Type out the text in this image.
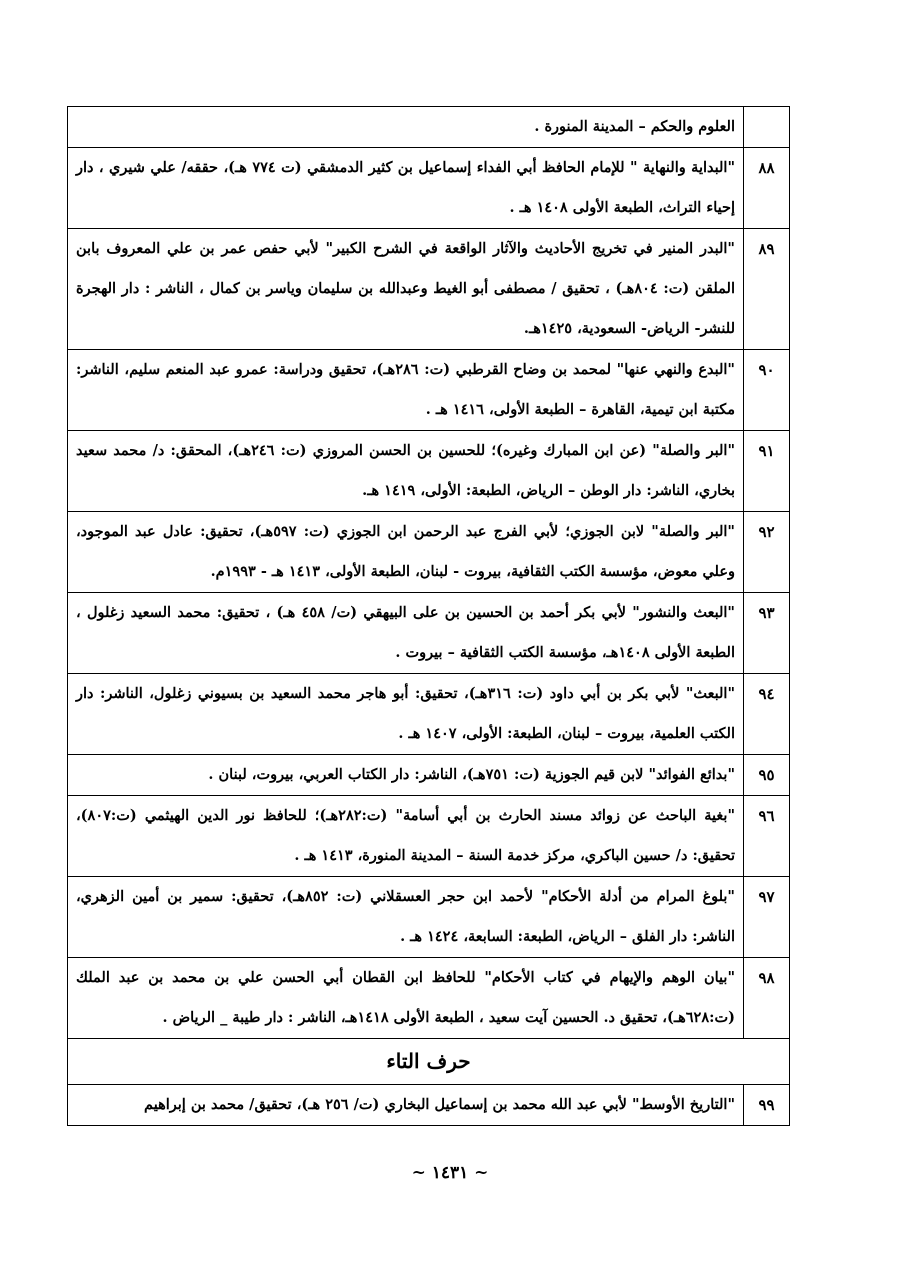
	العلوم والحكم – المدينة المنورة .
٨٨	"البداية والنهاية " للإمام الحافظ أبي الفداء إسماعيل بن كثير الدمشقي (ت ٧٧٤ هـ)، حققه/ علي شيري ، دار إحياء التراث، الطبعة الأولى ١٤٠٨ هـ .
٨٩	"البدر المنير في تخريج الأحاديث والآثار الواقعة في الشرح الكبير" لأبي حفص عمر بن علي المعروف بابن الملقن (ت: ٨٠٤هـ) ، تحقيق / مصطفى أبو الغيط وعبدالله بن سليمان وياسر بن كمال ، الناشر : دار الهجرة للنشر- الرياض- السعودية، ١٤٢٥هـ.
٩٠	"البدع والنهي عنها" لمحمد بن وضاح القرطبي (ت: ٢٨٦هـ)، تحقيق ودراسة: عمرو عبد المنعم سليم، الناشر: مكتبة ابن تيمية، القاهرة – الطبعة الأولى، ١٤١٦ هـ .
٩١	"البر والصلة" (عن ابن المبارك وغيره)؛ للحسين بن الحسن المروزي (ت: ٢٤٦هـ)، المحقق: د/ محمد سعيد بخاري، الناشر: دار الوطن – الرياض، الطبعة: الأولى، ١٤١٩ هـ.
٩٢	"البر والصلة" لابن الجوزي؛ لأبي الفرج عبد الرحمن ابن الجوزي (ت: ٥٩٧هـ)، تحقيق: عادل عبد الموجود، وعلي معوض، مؤسسة الكتب الثقافية، بيروت - لبنان، الطبعة الأولى، ١٤١٣ هـ - ١٩٩٣م.
٩٣	"البعث والنشور" لأبي بكر أحمد بن الحسين بن على البيهقي (ت/ ٤٥٨ هـ) ، تحقيق: محمد السعيد زغلول ، الطبعة الأولى ١٤٠٨هـ، مؤسسة الكتب الثقافية – بيروت .
٩٤	"البعث" لأبي بكر بن أبي داود (ت: ٣١٦هـ)، تحقيق: أبو هاجر محمد السعيد بن بسيوني زغلول، الناشر: دار الكتب العلمية، بيروت – لبنان، الطبعة: الأولى، ١٤٠٧ هـ .
٩٥	"بدائع الفوائد" لابن قيم الجوزية (ت: ٧٥١هـ)، الناشر: دار الكتاب العربي، بيروت، لبنان .
٩٦	"بغية الباحث عن زوائد مسند الحارث بن أبي أسامة" (ت:٢٨٢هـ)؛ للحافظ نور الدين الهيثمي (ت:٨٠٧)، تحقيق: د/ حسين الباكري، مركز خدمة السنة – المدينة المنورة، ١٤١٣ هـ .
٩٧	"بلوغ المرام من أدلة الأحكام" لأحمد ابن حجر العسقلاني (ت: ٨٥٢هـ)، تحقيق: سمير بن أمين الزهري، الناشر: دار الفلق – الرياض، الطبعة: السابعة، ١٤٢٤ هـ .
٩٨	"بيان الوهم والإيهام في كتاب الأحكام" للحافظ ابن القطان أبي الحسن علي بن محمد بن عبد الملك (ت:٦٢٨هـ)، تحقيق د. الحسين آيت سعيد ، الطبعة الأولى ١٤١٨هـ، الناشر : دار طيبة _ الرياض .
حرف التاء	
٩٩	"التاريخ الأوسط" لأبي عبد الله محمد بن إسماعيل البخاري (ت/ ٢٥٦ هـ)، تحقيق/ محمد بن إبراهيم
~ ١٤٣١ ~
